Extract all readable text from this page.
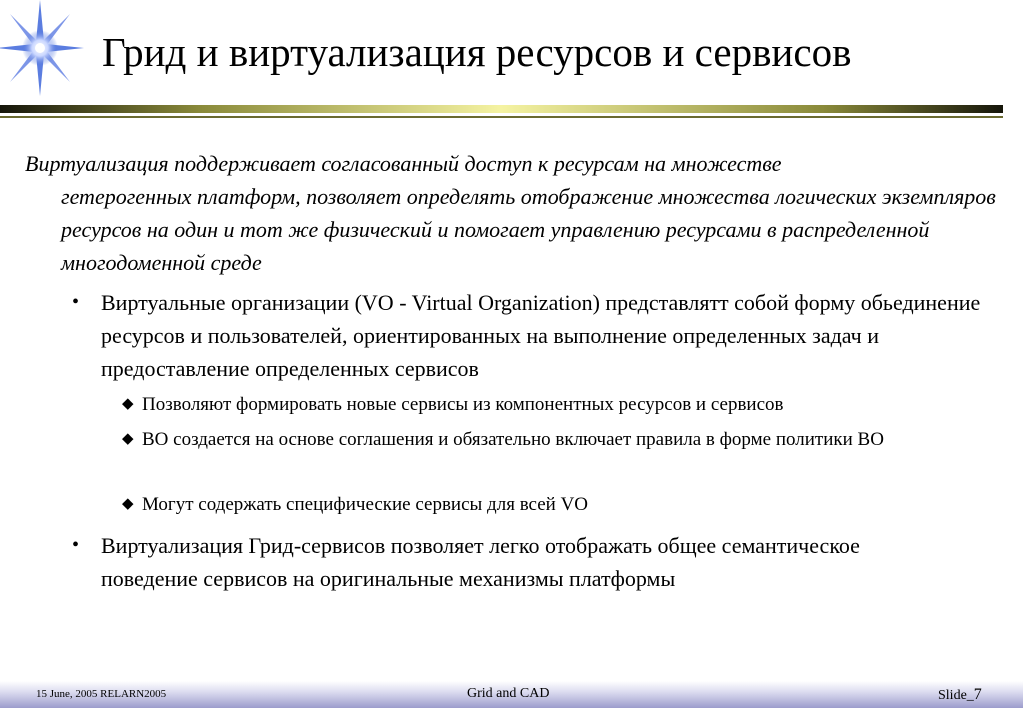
Грид и виртуализация ресурсов и сервисов
Виртуализация поддерживает согласованный доступ к ресурсам на множестве
гетерогенных платформ, позволяет определять отображение множества логических экземпляров ресурсов на один и тот же физический и помогает управлению ресурсами в распределенной многодоменной среде
• Виртуальные организации (VO - Virtual Organization) представлятт собой форму обьединение ресурсов и пользователей, ориентированных на выполнение определенных задач и предоставление определенных сервисов
◆ Позволяют формировать новые сервисы из компонентных ресурсов и сервисов
◆ ВО создается на основе соглашения и обязательно включает правила в форме политики ВО
◆ Могут содержать специфические сервисы для всей VO
• Виртуализация Грид-сервисов позволяет легко отображать общее семантическое поведение сервисов на оригинальные механизмы платформы
15 June, 2005 RELARN2005	Grid and CAD	Slide_7
